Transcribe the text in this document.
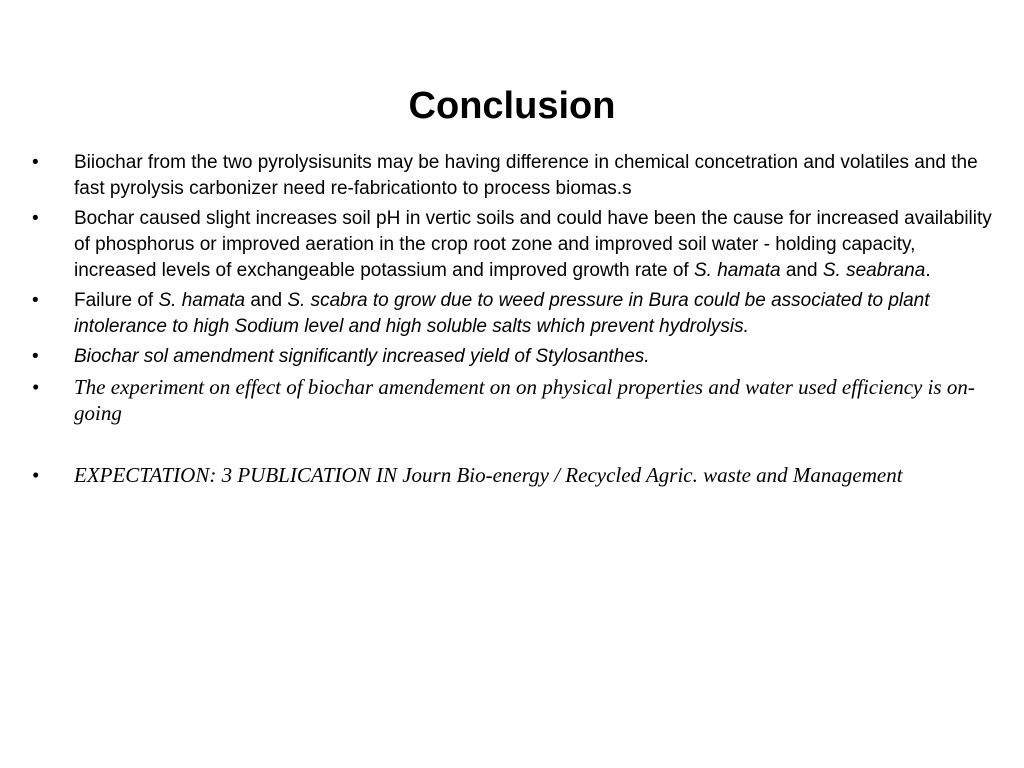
Conclusion
•	Biiochar from the two pyrolysisunits may be having difference in chemical concetration and volatiles and the fast pyrolysis carbonizer need re-fabricationto to process biomas.s
•	Bochar caused slight increases soil pH in vertic soils and could have been the cause for increased availability of phosphorus or improved aeration in the crop root zone and improved soil water - holding capacity, increased levels of exchangeable potassium and improved growth rate of S. hamata and S. seabrana.
•	Failure of S. hamata and S. scabra to grow due to weed pressure in Bura could be associated to plant intolerance to high Sodium level and high soluble salts which prevent hydrolysis.
•	Biochar sol amendment significantly increased yield of Stylosanthes.
•	The experiment on effect of biochar amendement on on physical properties and water used efficiency is on-going
•	EXPECTATION: 3 PUBLICATION IN Journ Bio-energy / Recycled Agric. waste and Management
